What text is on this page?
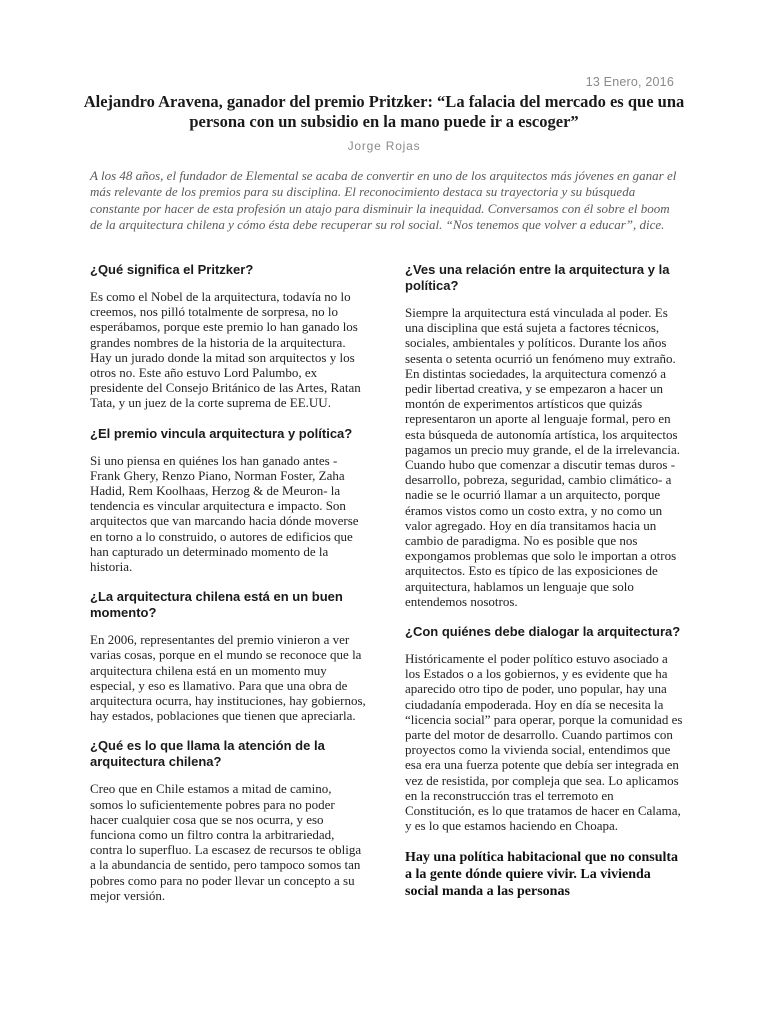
13 Enero, 2016
Alejandro Aravena, ganador del premio Pritzker: “La falacia del mercado es que una persona con un subsidio en la mano puede ir a escoger”
Jorge Rojas

A los 48 años, el fundador de Elemental se acaba de convertir en uno de los arquitectos más jóvenes en ganar el más relevante de los premios para su disciplina. El reconocimiento destaca su trayectoria y su búsqueda constante por hacer de esta profesión un atajo para disminuir la inequidad. Conversamos con él sobre el boom de la arquitectura chilena y cómo ésta debe recuperar su rol social. “Nos tenemos que volver a educar”, dice.

¿Qué significa el Pritzker?

Es como el Nobel de la arquitectura, todavía no lo creemos, nos pilló totalmente de sorpresa, no lo esperábamos, porque este premio lo han ganado los grandes nombres de la historia de la arquitectura. Hay un jurado donde la mitad son arquitectos y los otros no. Este año estuvo Lord Palumbo, ex presidente del Consejo Británico de las Artes, Ratan Tata, y un juez de la corte suprema de EE.UU.

¿El premio vincula arquitectura y política?

Si uno piensa en quiénes los han ganado antes -Frank Ghery, Renzo Piano, Norman Foster, Zaha Hadid, Rem Koolhaas, Herzog & de Meuron- la tendencia es vincular arquitectura e impacto. Son arquitectos que van marcando hacia dónde moverse en torno a lo construido, o autores de edificios que han capturado un determinado momento de la historia.

¿La arquitectura chilena está en un buen momento?

En 2006, representantes del premio vinieron a ver varias cosas, porque en el mundo se reconoce que la arquitectura chilena está en un momento muy especial, y eso es llamativo. Para que una obra de arquitectura ocurra, hay instituciones, hay gobiernos, hay estados, poblaciones que tienen que apreciarla.

¿Qué es lo que llama la atención de la arquitectura chilena?

Creo que en Chile estamos a mitad de camino, somos lo suficientemente pobres para no poder hacer cualquier cosa que se nos ocurra, y eso funciona como un filtro contra la arbitrariedad, contra lo superfluo. La escasez de recursos te obliga a la abundancia de sentido, pero tampoco somos tan pobres como para no poder llevar un concepto a su mejor versión.

¿Ves una relación entre la arquitectura y la política?

Siempre la arquitectura está vinculada al poder. Es una disciplina que está sujeta a factores técnicos, sociales, ambientales y políticos. Durante los años sesenta o setenta ocurrió un fenómeno muy extraño. En distintas sociedades, la arquitectura comenzó a pedir libertad creativa, y se empezaron a hacer un montón de experimentos artísticos que quizás representaron un aporte al lenguaje formal, pero en esta búsqueda de autonomía artística, los arquitectos pagamos un precio muy grande, el de la irrelevancia. Cuando hubo que comenzar a discutir temas duros - desarrollo, pobreza, seguridad, cambio climático- a nadie se le ocurrió llamar a un arquitecto, porque éramos vistos como un costo extra, y no como un valor agregado. Hoy en día transitamos hacia un cambio de paradigma. No es posible que nos expongamos problemas que solo le importan a otros arquitectos. Esto es típico de las exposiciones de arquitectura, hablamos un lenguaje que solo entendemos nosotros.

¿Con quiénes debe dialogar la arquitectura?

Históricamente el poder político estuvo asociado a los Estados o a los gobiernos, y es evidente que ha aparecido otro tipo de poder, uno popular, hay una ciudadanía empoderada. Hoy en día se necesita la “licencia social” para operar, porque la comunidad es parte del motor de desarrollo. Cuando partimos con proyectos como la vivienda social, entendimos que esa era una fuerza potente que debía ser integrada en vez de resistida, por compleja que sea. Lo aplicamos en la reconstrucción tras el terremoto en Constitución, es lo que tratamos de hacer en Calama, y es lo que estamos haciendo en Choapa.

Hay una política habitacional que no consulta a la gente dónde quiere vivir. La vivienda social manda a las personas
